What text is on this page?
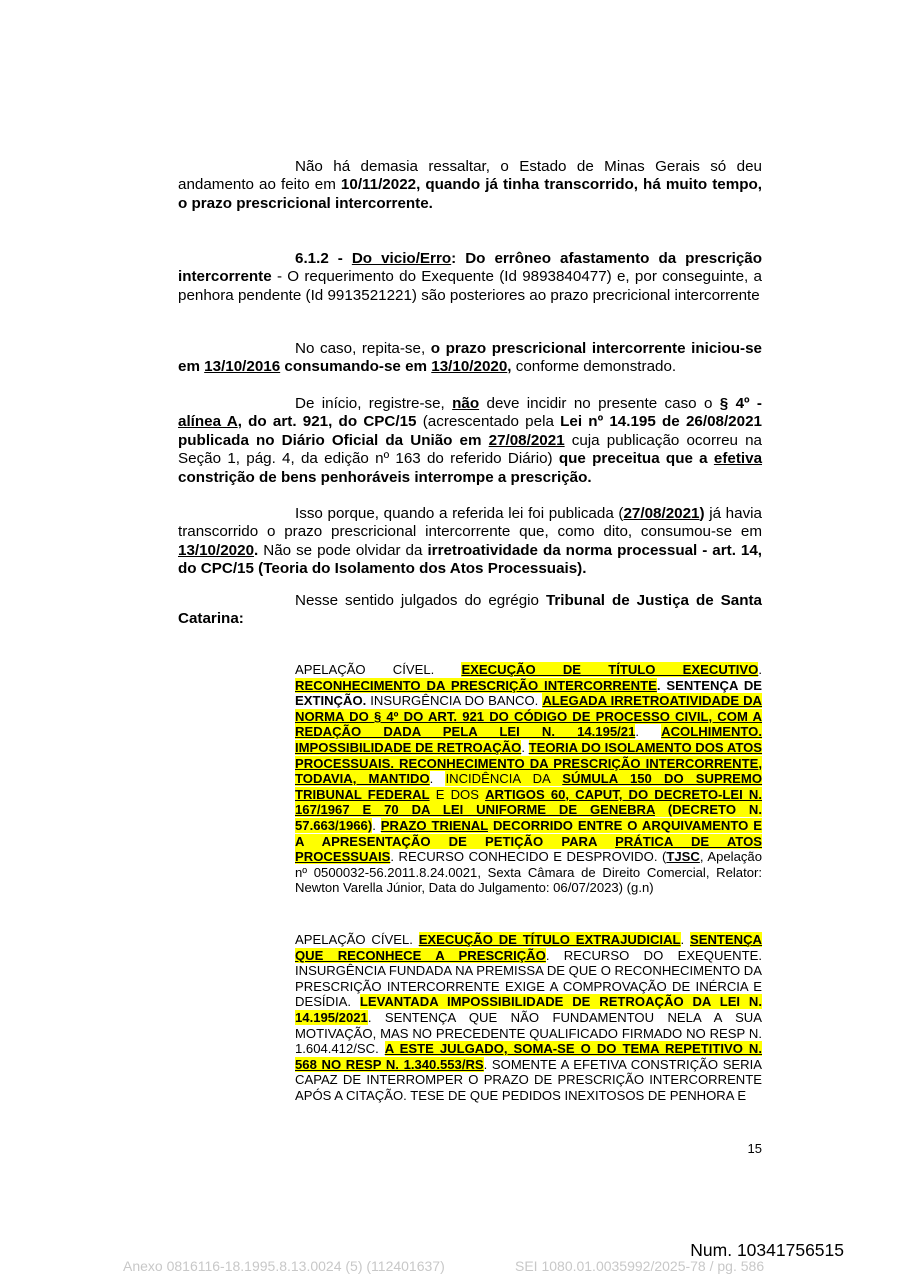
Não há demasia ressaltar, o Estado de Minas Gerais só deu andamento ao feito em 10/11/2022, quando já tinha transcorrido, há muito tempo, o prazo prescricional intercorrente.

6.1.2 - Do vicio/Erro: Do errôneo afastamento da prescrição intercorrente - O requerimento do Exequente (Id 9893840477) e, por conseguinte, a penhora pendente (Id 9913521221) são posteriores ao prazo precricional intercorrente

No caso, repita-se, o prazo prescricional intercorrente iniciou-se em 13/10/2016 consumando-se em 13/10/2020, conforme demonstrado.

De início, registre-se, não deve incidir no presente caso o § 4º - alínea A, do art. 921, do CPC/15 (acrescentado pela Lei nº 14.195 de 26/08/2021 publicada no Diário Oficial da União em 27/08/2021 cuja publicação ocorreu na Seção 1, pág. 4, da edição nº 163 do referido Diário) que preceitua que a efetiva constrição de bens penhoráveis interrompe a prescrição.

Isso porque, quando a referida lei foi publicada (27/08/2021) já havia transcorrido o prazo prescricional intercorrente que, como dito, consumou-se em 13/10/2020. Não se pode olvidar da irretroatividade da norma processual - art. 14, do CPC/15 (Teoria do Isolamento dos Atos Processuais).

Nesse sentido julgados do egrégio Tribunal de Justiça de Santa Catarina:

APELAÇÃO CÍVEL. EXECUÇÃO DE TÍTULO EXECUTIVO. RECONHECIMENTO DA PRESCRIÇÃO INTERCORRENTE. SENTENÇA DE EXTINÇÃO. INSURGÊNCIA DO BANCO. ALEGADA IRRETROATIVIDADE DA NORMA DO § 4º DO ART. 921 DO CÓDIGO DE PROCESSO CIVIL, COM A REDAÇÃO DADA PELA LEI N. 14.195/21. ACOLHIMENTO. IMPOSSIBILIDADE DE RETROAÇÃO. TEORIA DO ISOLAMENTO DOS ATOS PROCESSUAIS. RECONHECIMENTO DA PRESCRIÇÃO INTERCORRENTE, TODAVIA, MANTIDO. INCIDÊNCIA DA SÚMULA 150 DO SUPREMO TRIBUNAL FEDERAL E DOS ARTIGOS 60, CAPUT, DO DECRETO-LEI N. 167/1967 E 70 DA LEI UNIFORME DE GENEBRA (DECRETO N. 57.663/1966). PRAZO TRIENAL DECORRIDO ENTRE O ARQUIVAMENTO E A APRESENTAÇÃO DE PETIÇÃO PARA PRÁTICA DE ATOS PROCESSUAIS. RECURSO CONHECIDO E DESPROVIDO. (TJSC, Apelação nº 0500032-56.2011.8.24.0021, Sexta Câmara de Direito Comercial, Relator: Newton Varella Júnior, Data do Julgamento: 06/07/2023) (g.n)

APELAÇÃO CÍVEL. EXECUÇÃO DE TÍTULO EXTRAJUDICIAL. SENTENÇA QUE RECONHECE A PRESCRIÇÃO. RECURSO DO EXEQUENTE. INSURGÊNCIA FUNDADA NA PREMISSA DE QUE O RECONHECIMENTO DA PRESCRIÇÃO INTERCORRENTE EXIGE A COMPROVAÇÃO DE INÉRCIA E DESÍDIA. LEVANTADA IMPOSSIBILIDADE DE RETROAÇÃO DA LEI N. 14.195/2021. SENTENÇA QUE NÃO FUNDAMENTOU NELA A SUA MOTIVAÇÃO, MAS NO PRECEDENTE QUALIFICADO FIRMADO NO RESP N. 1.604.412/SC. A ESTE JULGADO, SOMA-SE O DO TEMA REPETITIVO N. 568 NO RESP N. 1.340.553/RS. SOMENTE A EFETIVA CONSTRIÇÃO SERIA CAPAZ DE INTERROMPER O PRAZO DE PRESCRIÇÃO INTERCORRENTE APÓS A CITAÇÃO. TESE DE QUE PEDIDOS INEXITOSOS DE PENHORA E

15
Num. 10341756515
Anexo 0816116-18.1995.8.13.0024 (5) (112401637)	SEI 1080.01.0035992/2025-78 / pg. 586
